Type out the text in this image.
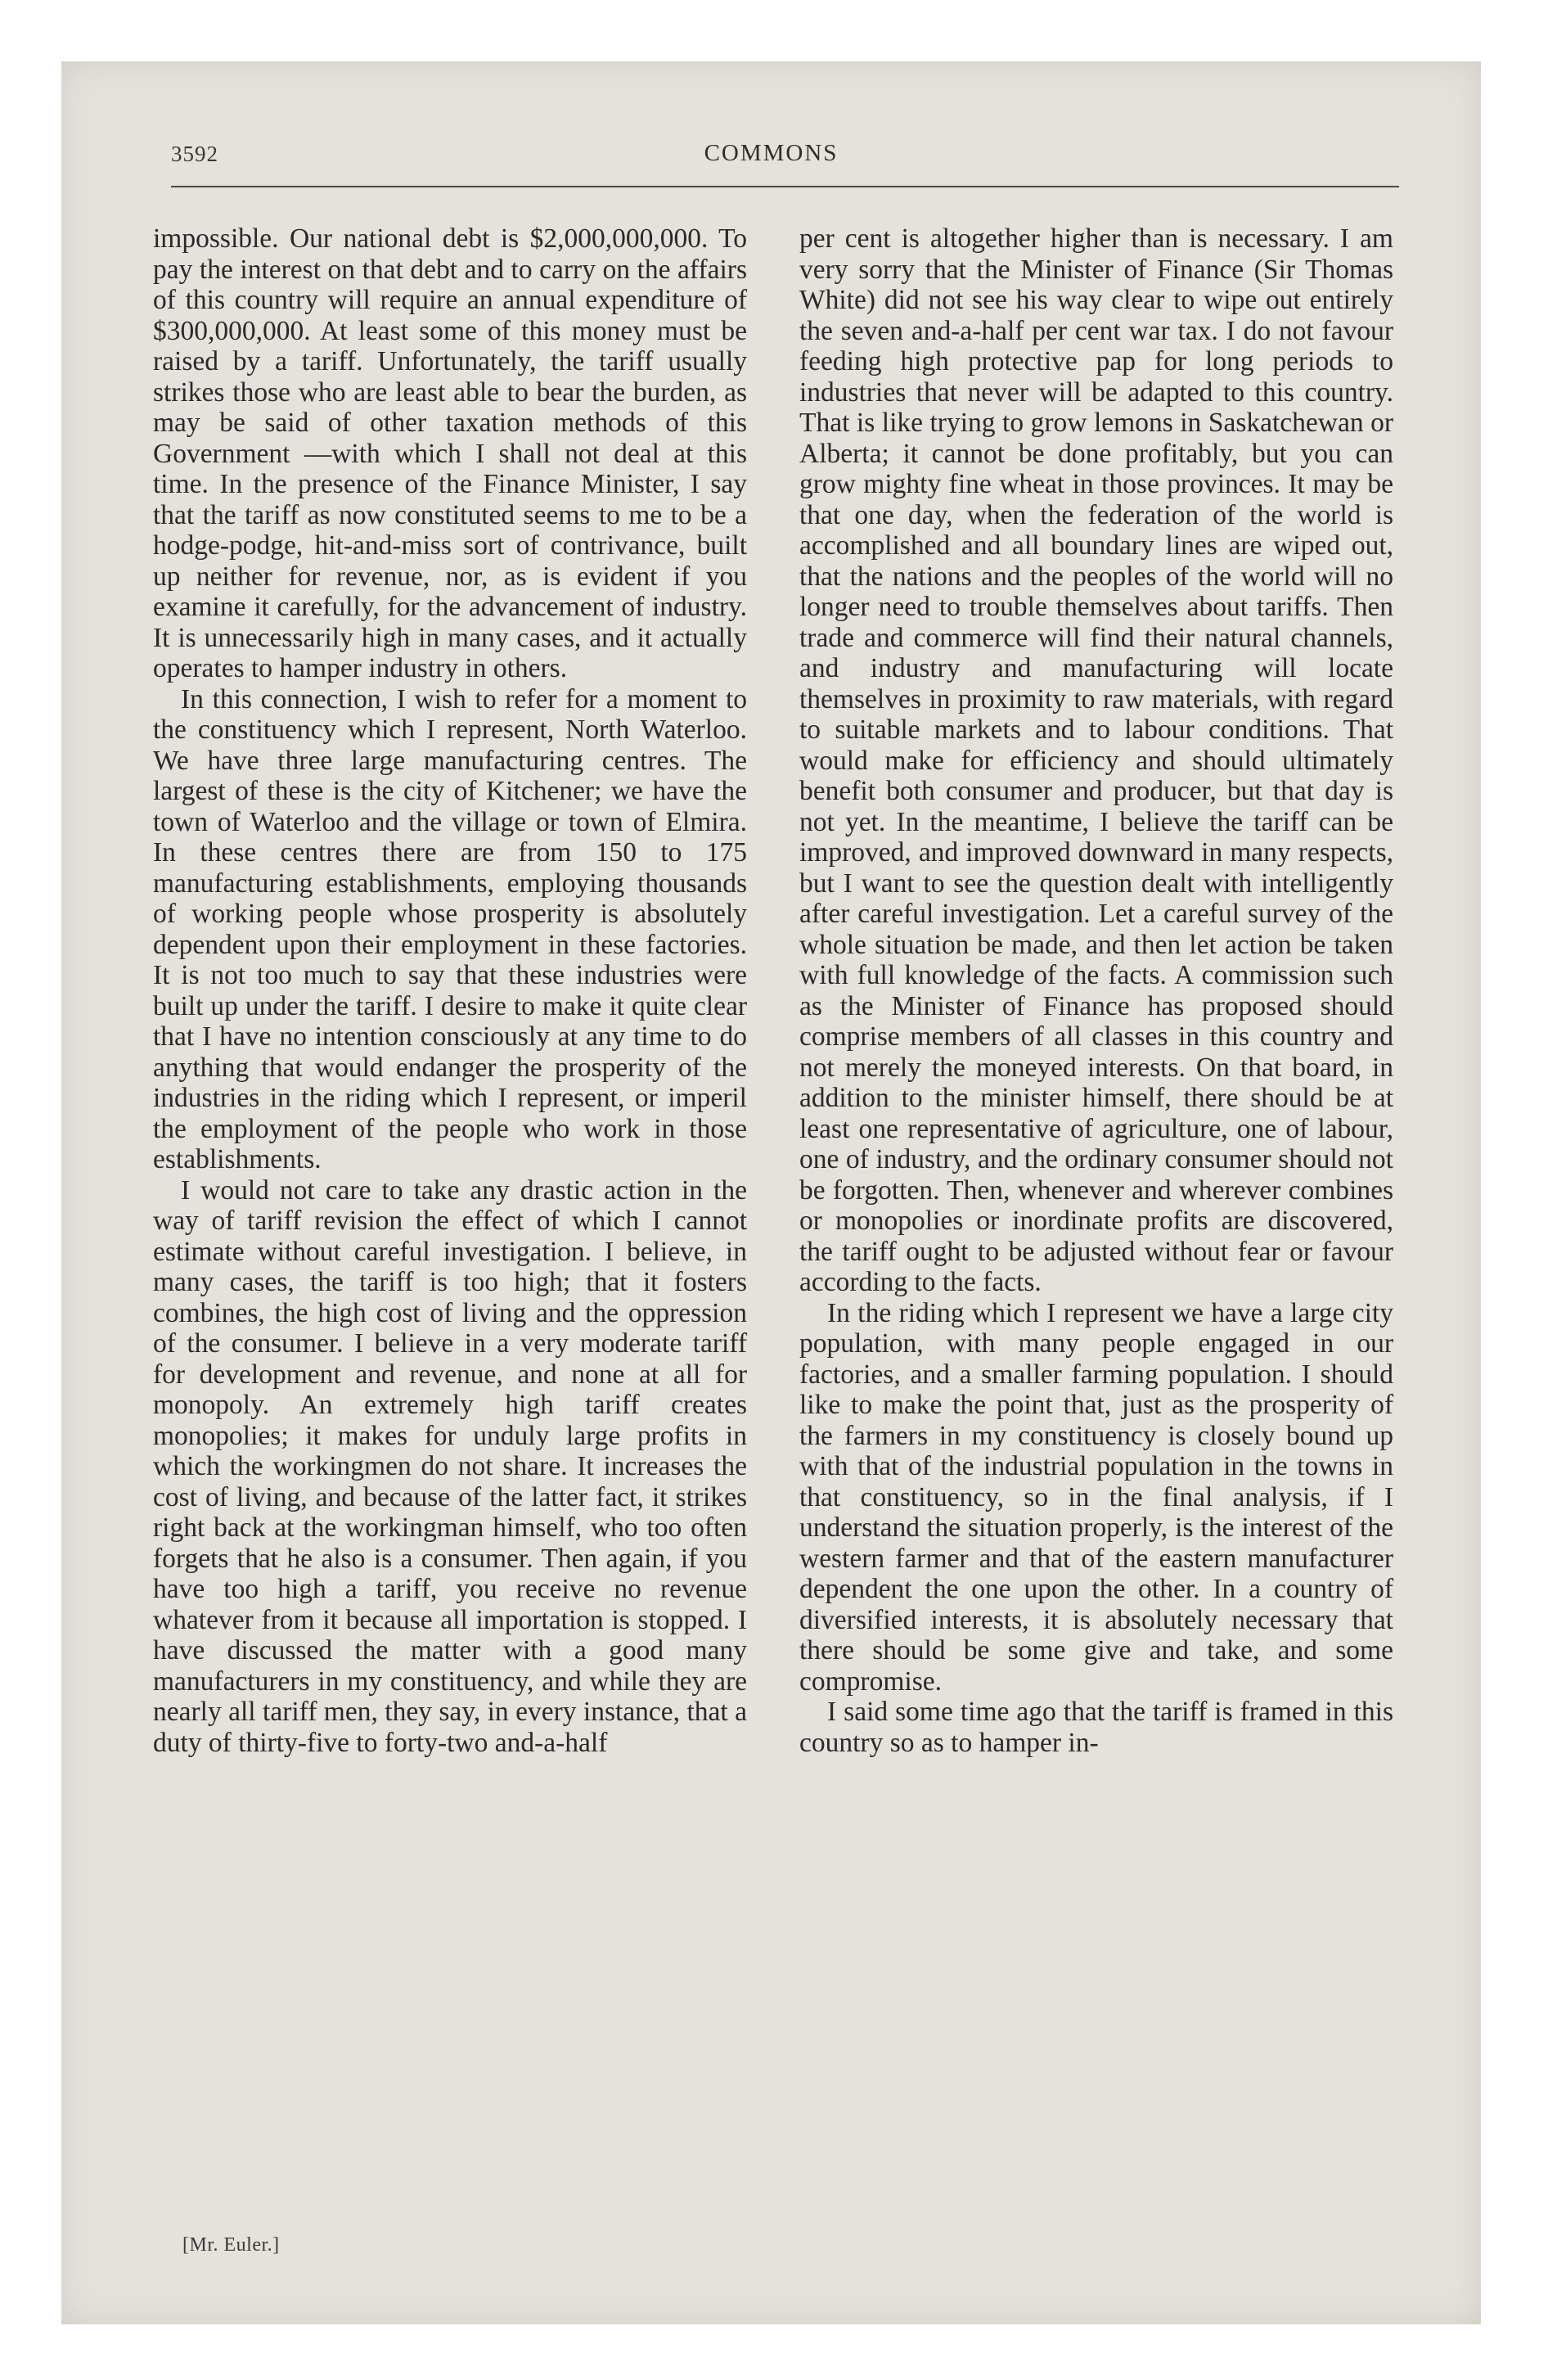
3592	COMMONS

impossible. Our national debt is $2,000,000,000. To pay the interest on that debt and to carry on the affairs of this country will require an annual expenditure of $300,000,000. At least some of this money must be raised by a tariff. Unfortunately, the tariff usually strikes those who are least able to bear the burden, as may be said of other taxation methods of this Government —with which I shall not deal at this time. In the presence of the Finance Minister, I say that the tariff as now constituted seems to me to be a hodge-podge, hit-and-miss sort of contrivance, built up neither for revenue, nor, as is evident if you examine it carefully, for the advancement of industry. It is unnecessarily high in many cases, and it actually operates to hamper industry in others.

In this connection, I wish to refer for a moment to the constituency which I represent, North Waterloo. We have three large manufacturing centres. The largest of these is the city of Kitchener; we have the town of Waterloo and the village or town of Elmira. In these centres there are from 150 to 175 manufacturing establishments, employing thousands of working people whose prosperity is absolutely dependent upon their employment in these factories. It is not too much to say that these industries were built up under the tariff. I desire to make it quite clear that I have no intention consciously at any time to do anything that would endanger the prosperity of the industries in the riding which I represent, or imperil the employment of the people who work in those establishments.

I would not care to take any drastic action in the way of tariff revision the effect of which I cannot estimate without careful investigation. I believe, in many cases, the tariff is too high; that it fosters combines, the high cost of living and the oppression of the consumer. I believe in a very moderate tariff for development and revenue, and none at all for monopoly. An extremely high tariff creates monopolies; it makes for unduly large profits in which the workingmen do not share. It increases the cost of living, and because of the latter fact, it strikes right back at the workingman himself, who too often forgets that he also is a consumer. Then again, if you have too high a tariff, you receive no revenue whatever from it because all importation is stopped. I have discussed the matter with a good many manufacturers in my constituency, and while they are nearly all tariff men, they say, in every instance, that a duty of thirty-five to forty-two and-a-half

per cent is altogether higher than is necessary. I am very sorry that the Minister of Finance (Sir Thomas White) did not see his way clear to wipe out entirely the seven and-a-half per cent war tax. I do not favour feeding high protective pap for long periods to industries that never will be adapted to this country. That is like trying to grow lemons in Saskatchewan or Alberta; it cannot be done profitably, but you can grow mighty fine wheat in those provinces. It may be that one day, when the federation of the world is accomplished and all boundary lines are wiped out, that the nations and the peoples of the world will no longer need to trouble themselves about tariffs. Then trade and commerce will find their natural channels, and industry and manufacturing will locate themselves in proximity to raw materials, with regard to suitable markets and to labour conditions. That would make for efficiency and should ultimately benefit both consumer and producer, but that day is not yet. In the meantime, I believe the tariff can be improved, and improved downward in many respects, but I want to see the question dealt with intelligently after careful investigation. Let a careful survey of the whole situation be made, and then let action be taken with full knowledge of the facts. A commission such as the Minister of Finance has proposed should comprise members of all classes in this country and not merely the moneyed interests. On that board, in addition to the minister himself, there should be at least one representative of agriculture, one of labour, one of industry, and the ordinary consumer should not be forgotten. Then, whenever and wherever combines or monopolies or inordinate profits are discovered, the tariff ought to be adjusted without fear or favour according to the facts.

In the riding which I represent we have a large city population, with many people engaged in our factories, and a smaller farming population. I should like to make the point that, just as the prosperity of the farmers in my constituency is closely bound up with that of the industrial population in the towns in that constituency, so in the final analysis, if I understand the situation properly, is the interest of the western farmer and that of the eastern manufacturer dependent the one upon the other. In a country of diversified interests, it is absolutely necessary that there should be some give and take, and some compromise.

I said some time ago that the tariff is framed in this country so as to hamper in-

[Mr. Euler.]
